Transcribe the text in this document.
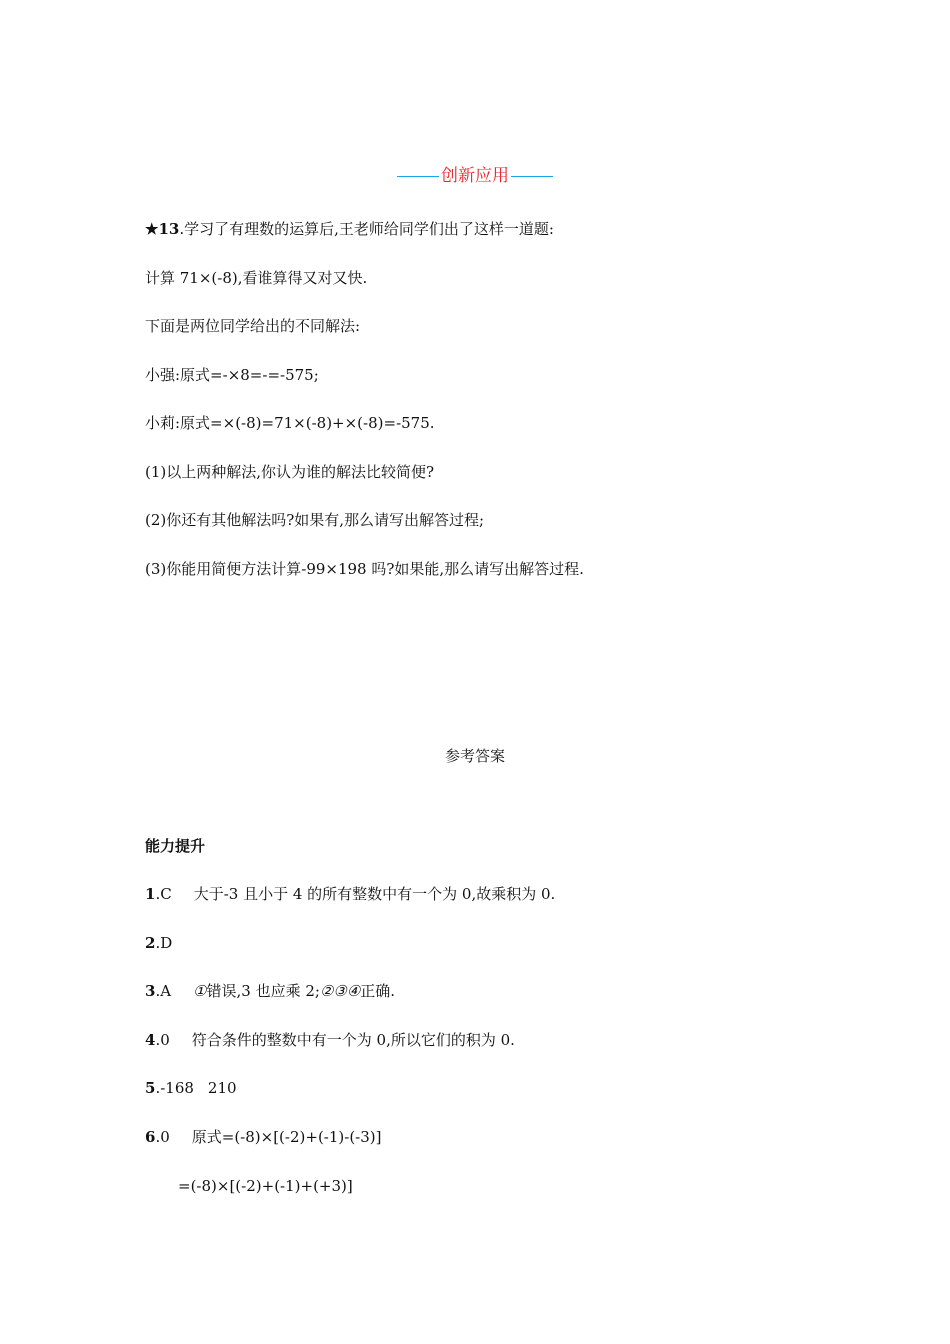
创新应用
★13.学习了有理数的运算后,王老师给同学们出了这样一道题:
计算 71×(-8),看谁算得又对又快.
下面是两位同学给出的不同解法:
小强:原式=-×8=-=-575;
小莉:原式=×(-8)=71×(-8)+×(-8)=-575.
(1)以上两种解法,你认为谁的解法比较简便?
(2)你还有其他解法吗?如果有,那么请写出解答过程;
(3)你能用简便方法计算-99×198 吗?如果能,那么请写出解答过程.
参考答案
能力提升
1.C 大于-3 且小于 4 的所有整数中有一个为 0,故乘积为 0.
2.D
3.A ①错误,3 也应乘 2;②③④正确.
4.0 符合条件的整数中有一个为 0,所以它们的积为 0.
5.-168 210
6.0 原式=(-8)×[(-2)+(-1)-(-3)]
=(-8)×[(-2)+(-1)+(+3)]
